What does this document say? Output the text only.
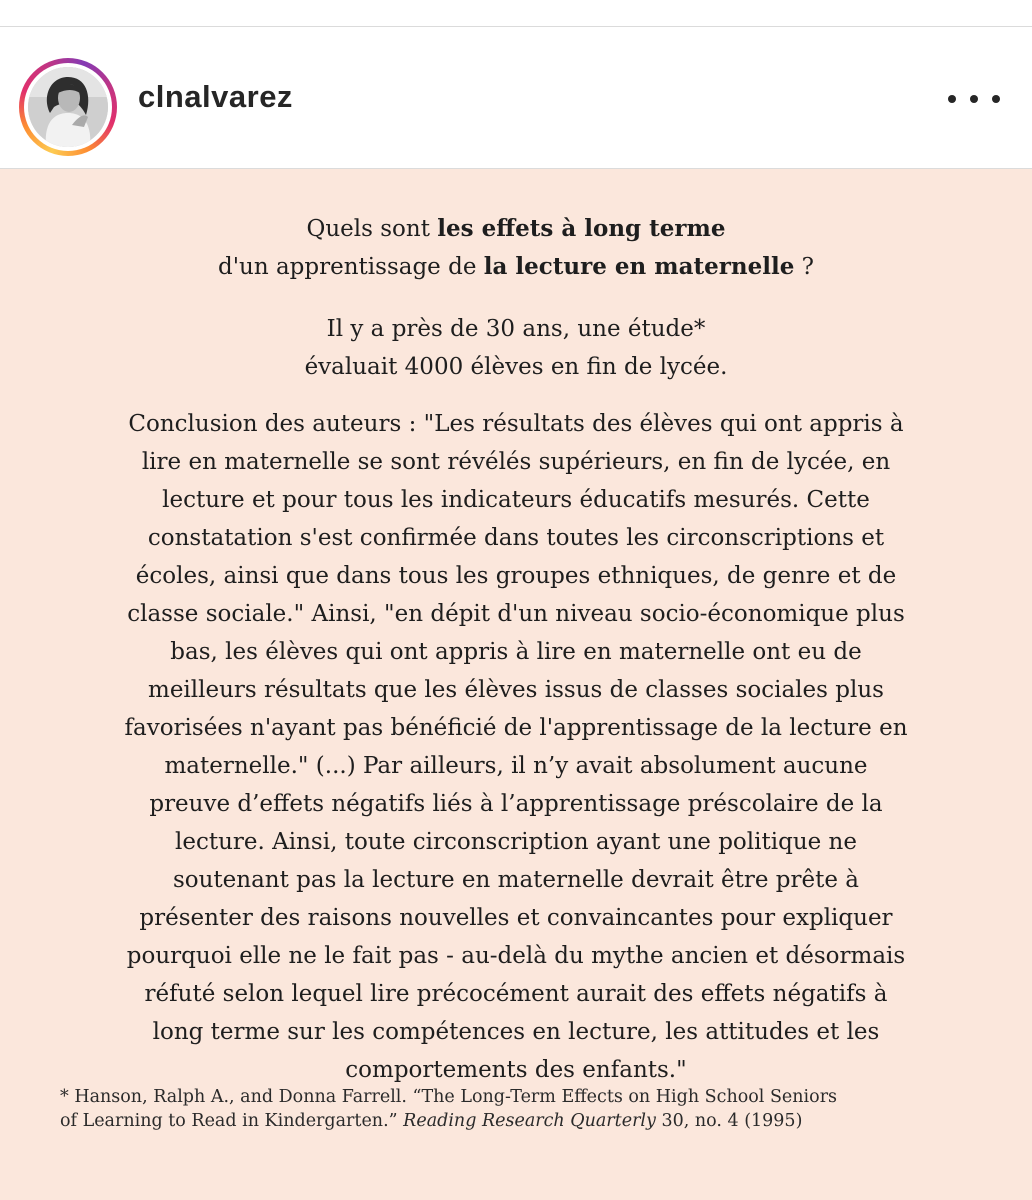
clnalvarez
Quels sont les effets à long terme
d'un apprentissage de la lecture en maternelle ?
Il y a près de 30 ans, une étude*
évaluait 4000 élèves en fin de lycée.
Conclusion des auteurs : "Les résultats des élèves qui ont appris à
lire en maternelle se sont révélés supérieurs, en fin de lycée, en
lecture et pour tous les indicateurs éducatifs mesurés. Cette
constatation s'est confirmée dans toutes les circonscriptions et
écoles, ainsi que dans tous les groupes ethniques, de genre et de
classe sociale." Ainsi, "en dépit d'un niveau socio-économique plus
bas, les élèves qui ont appris à lire en maternelle ont eu de
meilleurs résultats que les élèves issus de classes sociales plus
favorisées n'ayant pas bénéficié de l'apprentissage de la lecture en
maternelle." (...) Par ailleurs, il n’y avait absolument aucune
preuve d’effets négatifs liés à l’apprentissage préscolaire de la
lecture. Ainsi, toute circonscription ayant une politique ne
soutenant pas la lecture en maternelle devrait être prête à
présenter des raisons nouvelles et convaincantes pour expliquer
pourquoi elle ne le fait pas - au-delà du mythe ancien et désormais
réfuté selon lequel lire précocément aurait des effets négatifs à
long terme sur les compétences en lecture, les attitudes et les
comportements des enfants."
* Hanson, Ralph A., and Donna Farrell. “The Long-Term Effects on High School Seniors
of Learning to Read in Kindergarten.” Reading Research Quarterly 30, no. 4 (1995)
